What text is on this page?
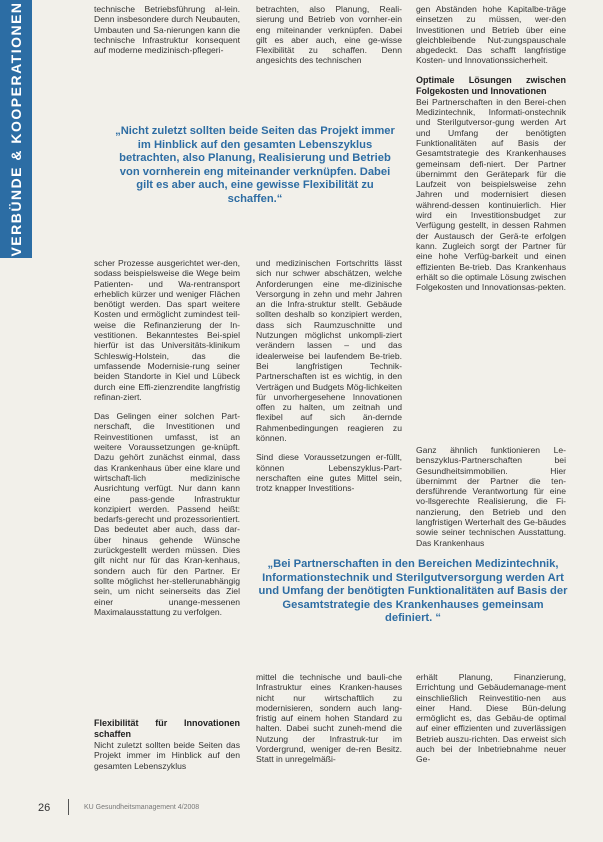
VERBÜNDE & KOOPERATIONEN	technische Betriebsführung al-lein. Denn insbesondere durch Neubauten, Umbauten und Sa-nierungen kann die technische Infrastruktur konsequent auf moderne medizinisch-pflegeri-

betrachten, also Planung, Reali-sierung und Betrieb von vornher-ein eng miteinander verknüpfen. Dabei gilt es aber auch, eine ge-wisse Flexibilität zu schaffen. Denn angesichts des technischen

gen Abständen hohe Kapitalbe-träge einsetzen zu müssen, wer-den Investitionen und Betrieb über eine gleichbleibende Nut-zungspauschale abgedeckt. Das schafft langfristige Kosten- und Innovationssicherheit.

Optimale Lösungen zwischen Folgekosten und Innovationen

Bei Partnerschaften in den Berei-chen Medizintechnik, Informati-onstechnik und Sterilgutversor-gung werden Art und Umfang der benötigten Funktionalitäten auf Basis der Gesamtstrategie des Krankenhauses gemeinsam defi-niert. Der Partner übernimmt den Gerätepark für die Laufzeit von beispielsweise zehn Jahren und modernisiert diesen während-dessen kontinuierlich. Hier wird ein Investitionsbudget zur Verfügung gestellt, in dessen Rahmen der Austausch der Gerä-te erfolgen kann. Zugleich sorgt der Partner für eine hohe Verfüg-barkeit und einen effizienten Be-trieb. Das Krankenhaus erhält so die optimale Lösung zwischen Folgekosten und Innovationsas-pekten.

„Nicht zuletzt sollten beide Seiten das Projekt immer im Hinblick auf den gesamten Lebenszyklus betrachten, also Planung, Realisierung und Betrieb von vornherein eng miteinander verknüpfen. Dabei gilt es aber auch, eine gewisse Flexibilität zu schaffen.“

scher Prozesse ausgerichtet wer-den, sodass beispielsweise die Wege beim Patienten- und Wa-rentransport erheblich kürzer und weniger Flächen benötigt werden. Das spart weitere Kosten und ermöglicht zumindest teil-weise die Refinanzierung der In-vestitionen. Bekanntestes Bei-spiel hierfür ist das Universitäts-klinikum Schleswig-Holstein, das die umfassende Modernisie-rung seiner beiden Standorte in Kiel und Lübeck durch eine Effi-zienzrendite langfristig refinan-ziert.

Das Gelingen einer solchen Part-nerschaft, die Investitionen und Reinvestitionen umfasst, ist an weitere Voraussetzungen ge-knüpft. Dazu gehört zunächst einmal, dass das Krankenhaus über eine klare und wirtschaft-lich medizinische Ausrichtung verfügt. Nur dann kann eine pass-gende Infrastruktur konzipiert werden. Passend heißt: bedarfs-gerecht und prozessorientiert. Das bedeutet aber auch, dass dar-über hinaus gehende Wünsche zurückgestellt werden müssen. Dies gilt nicht nur für das Kran-kenhaus, sondern auch für den Partner. Er sollte möglichst her-stellerunabhängig sein, um nicht seinerseits das Ziel einer unange-messenen Maximalausstattung zu verfolgen.

und medizinischen Fortschritts lässt sich nur schwer abschätzen, welche Anforderungen eine me-dizinische Versorgung in zehn und mehr Jahren an die Infra-struktur stellt. Gebäude sollten deshalb so konzipiert werden, dass sich Raumzuschnitte und Nutzungen möglichst unkompli-ziert verändern lassen – und das idealerweise bei laufendem Be-trieb. Bei langfristigen Technik-Partnerschaften ist es wichtig, in den Verträgen und Budgets Mög-lichkeiten für unvorhergesehene Innovationen offen zu halten, um zeitnah und flexibel auf sich än-dernde Rahmenbedingungen reagieren zu können.

Sind diese Voraussetzungen er-füllt, können Lebenszyklus-Part-nerschaften eine gutes Mittel sein, trotz knapper Investitions-

Ganz ähnlich funktionieren Le-benszyklus-Partnerschaften bei Gesundheitsimmobilien. Hier übernimmt der Partner die ten-dersführende Verantwortung für eine vo-llsgerechte Realisierung, die Fi-nanzierung, den Betrieb und den langfristigen Werterhalt des Ge-bäudes sowie seiner technischen Ausstattung. Das Krankenhaus

„Bei Partnerschaften in den Bereichen Medizintechnik, Informationstechnik und Sterilgutversorgung werden Art und Umfang der benötigten Funktionalitäten auf Basis der Gesamtstrategie des Krankenhauses gemeinsam definiert. “
Flexibilität für Innovationen schaffen

Nicht zuletzt sollten beide Seiten das Projekt immer im Hinblick auf den gesamten Lebenszyklus

mittel die technische und bauli-che Infrastruktur eines Kranken-hauses nicht nur wirtschaftlich zu modernisieren, sondern auch lang-fristig auf einem hohen Standard zu halten. Dabei sucht zuneh-mend die Nutzung der Infrastruk-tur im Vordergrund, weniger de-ren Besitz. Statt in unregelmäßi-

erhält Planung, Finanzierung, Errichtung und Gebäudemanage-ment einschließlich Reinvestitio-nen aus einer Hand. Diese Bün-delung ermöglicht es, das Gebäu-de optimal auf einer effizienten und zuverlässigen Betrieb auszu-richten. Das erweist sich auch bei der Inbetriebnahme neuer Ge-

26	KU Gesundheitsmanagement 4/2008
